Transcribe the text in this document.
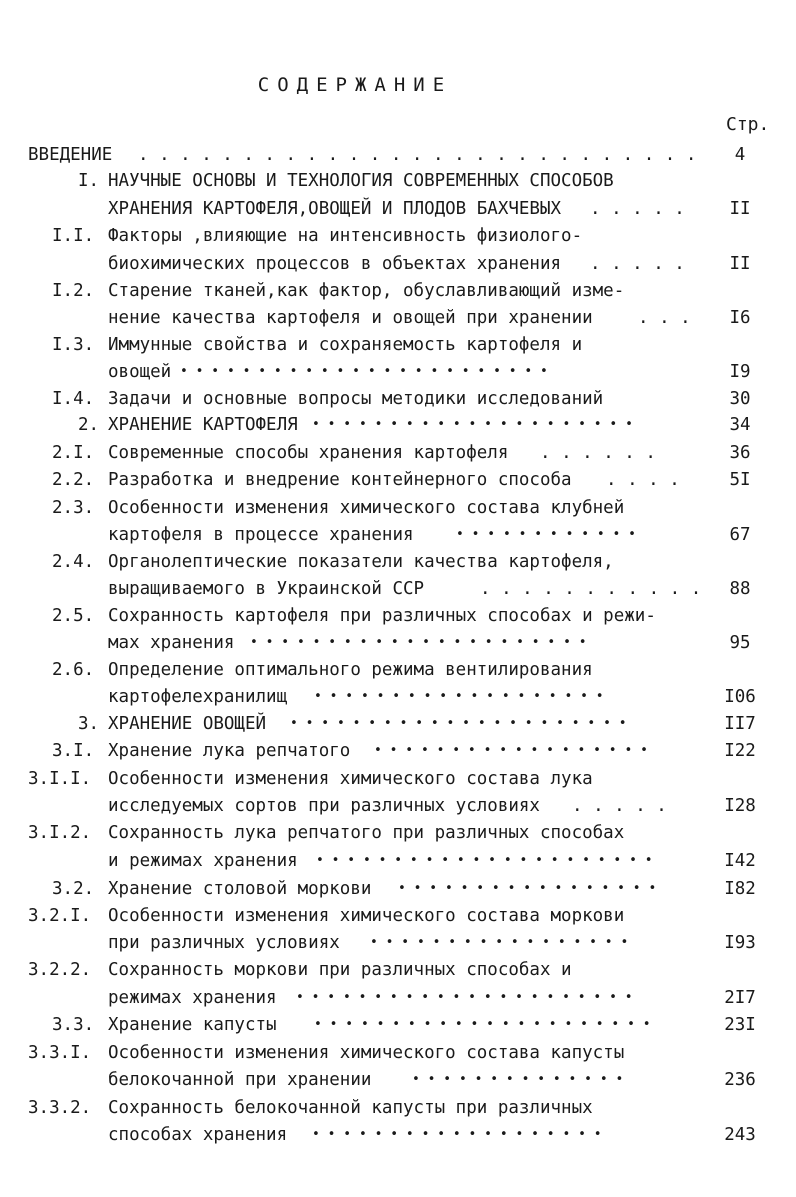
СОДЕРЖАНИЕ
Стр.
ВВЕДЕНИЕ . . . . . . . . . . . . . . . . . . . . . . . . . . .	4
I. НАУЧНЫЕ ОСНОВЫ И ТЕХНОЛОГИЯ СОВРЕМЕННЫХ СПОСОБОВ
ХРАНЕНИЯ КАРТОФЕЛЯ,ОВОЩЕЙ И ПЛОДОВ БАХЧЕВЫХ . . . . .	II
I.I. Факторы ,влияющие на интенсивность физиолого-
биохимических процессов в объектах хранения . . . . .	II
I.2. Старение тканей,как фактор, обуславливающий изме-
нение качества картофеля и овощей при хранении	. . .	I6
I.3. Иммунные свойства и сохраняемость картофеля и
овощей • • • • • • • • • • • • • • • • • • • • • • • •	I9
I.4. Задачи и основные вопросы методики исследований	30
2. ХРАНЕНИЕ КАРТОФЕЛЯ • • • • • • • • • • • • • • • • • • • • •	34
2.I. Современные способы хранения картофеля . . . . . .	36
2.2. Разработка и внедрение контейнерного способа . . . .	5I
2.3. Особенности изменения химического состава клубней
картофеля в процессе хранения	• • • • • • • • • • • •	67
2.4. Органолептические показатели качества картофеля,
выращиваемого в Украинской ССР	. . . . . . . . . . .	88
2.5. Сохранность картофеля при различных способах и режи-
мах хранения • • • • • • • • • • • • • • • • • • • • • •	95
2.6. Определение оптимального режима вентилирования
картофелехранилищ • • • • • • • • • • • • • • • • • • •	I06
3. ХРАНЕНИЕ ОВОЩЕЙ • • • • • • • • • • • • • • • • • • • • • •	II7
3.I. Хранение лука репчатого • • • • • • • • • • • • • • • • • •	I22
3.I.I. Особенности изменения химического состава лука
исследуемых сортов при различных условиях . . . . .	I28
3.I.2. Сохранность лука репчатого при различных способах
и режимах хранения • • • • • • • • • • • • • • • • • • • • • •	I42
3.2. Хранение столовой моркови • • • • • • • • • • • • • • • • •	I82
3.2.I. Особенности изменения химического состава моркови
при различных условиях • • • • • • • • • • • • • • • • •	I93
3.2.2. Сохранность моркови при различных способах и
режимах хранения • • • • • • • • • • • • • • • • • • • • • •	2I7
3.3. Хранение капусты	• • • • • • • • • • • • • • • • • • • • • •	23I
3.3.I. Особенности изменения химического состава капусты
белокочанной при хранении	• • • • • • • • • • • • • •	236
3.3.2. Сохранность белокочанной капусты при различных
способах хранения • • • • • • • • • • • • • • • • • • •	243
